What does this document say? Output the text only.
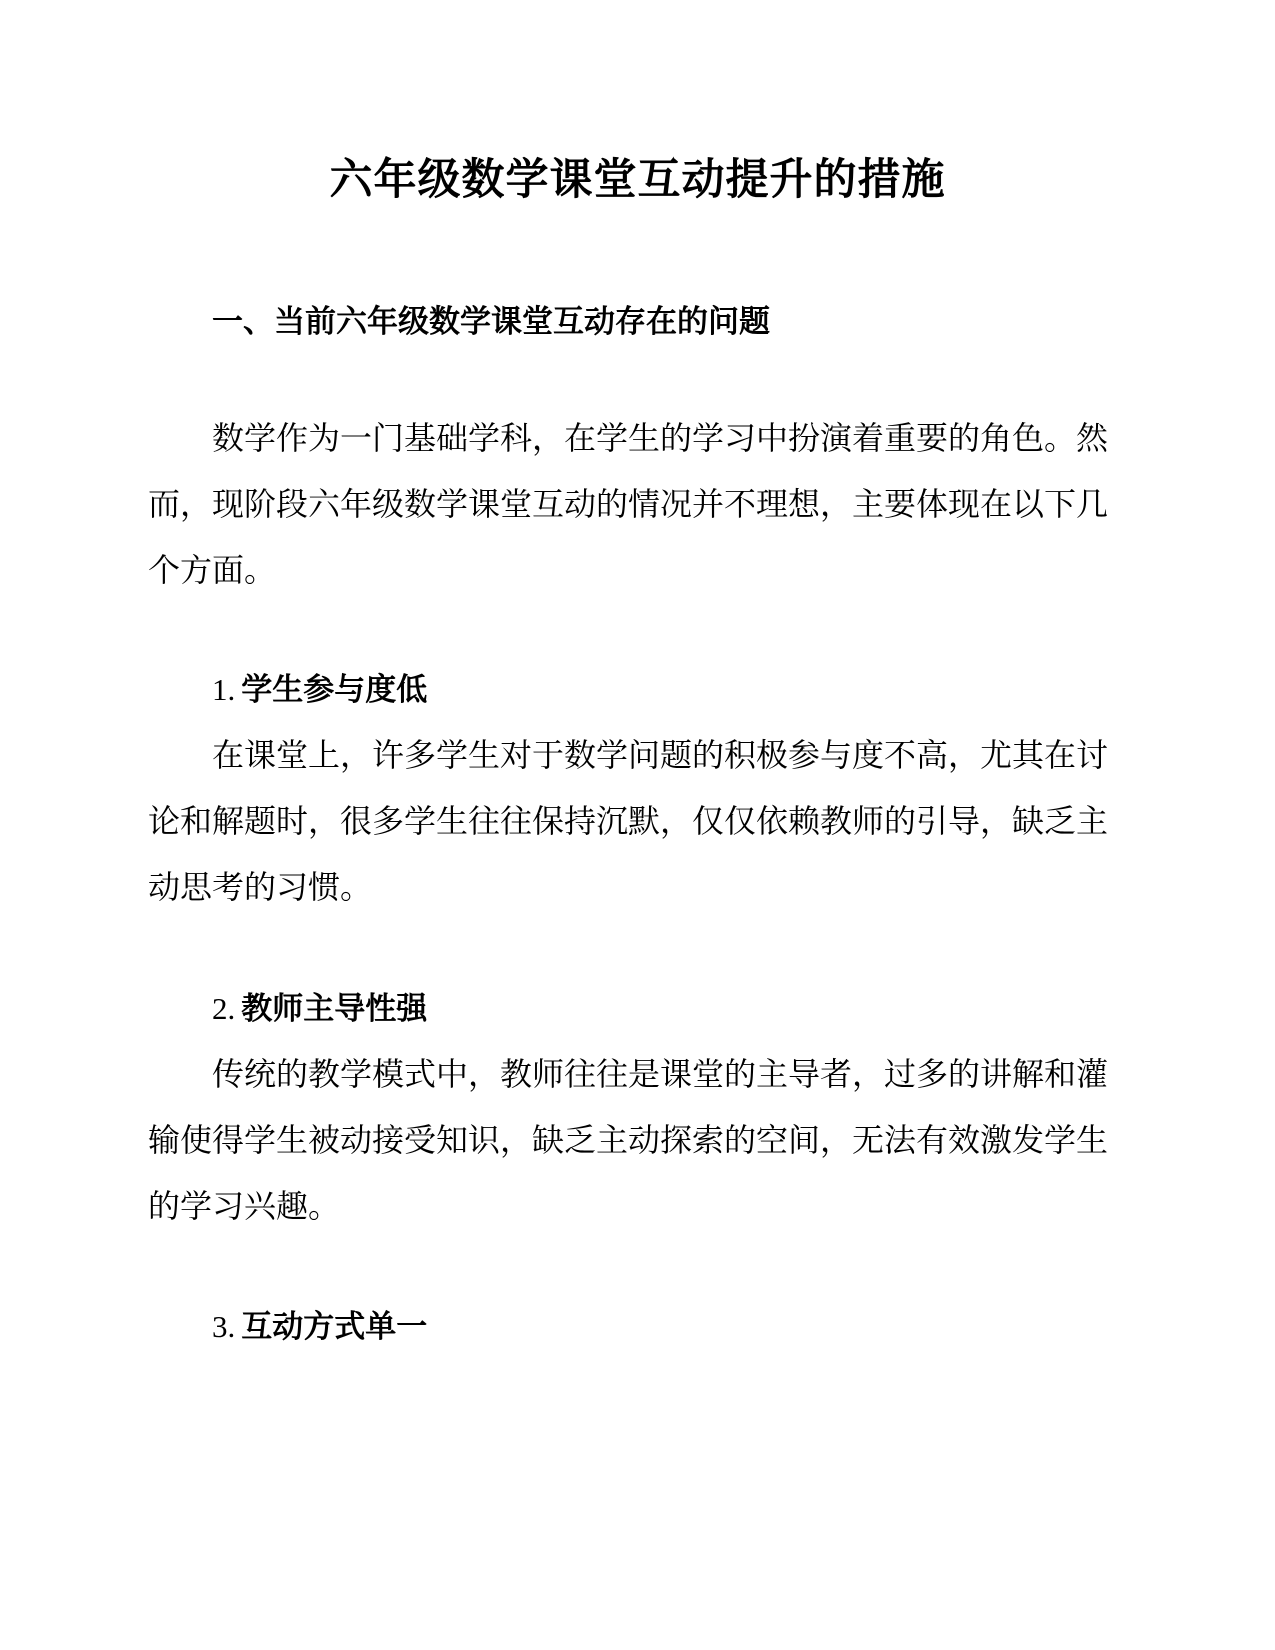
六年级数学课堂互动提升的措施
一、当前六年级数学课堂互动存在的问题

数学作为一门基础学科，在学生的学习中扮演着重要的角色。然而，现阶段六年级数学课堂互动的情况并不理想，主要体现在以下几个方面。

1. 学生参与度低

在课堂上，许多学生对于数学问题的积极参与度不高，尤其在讨论和解题时，很多学生往往保持沉默，仅仅依赖教师的引导，缺乏主动思考的习惯。

2. 教师主导性强

传统的教学模式中，教师往往是课堂的主导者，过多的讲解和灌输使得学生被动接受知识，缺乏主动探索的空间，无法有效激发学生的学习兴趣。

3. 互动方式单一
